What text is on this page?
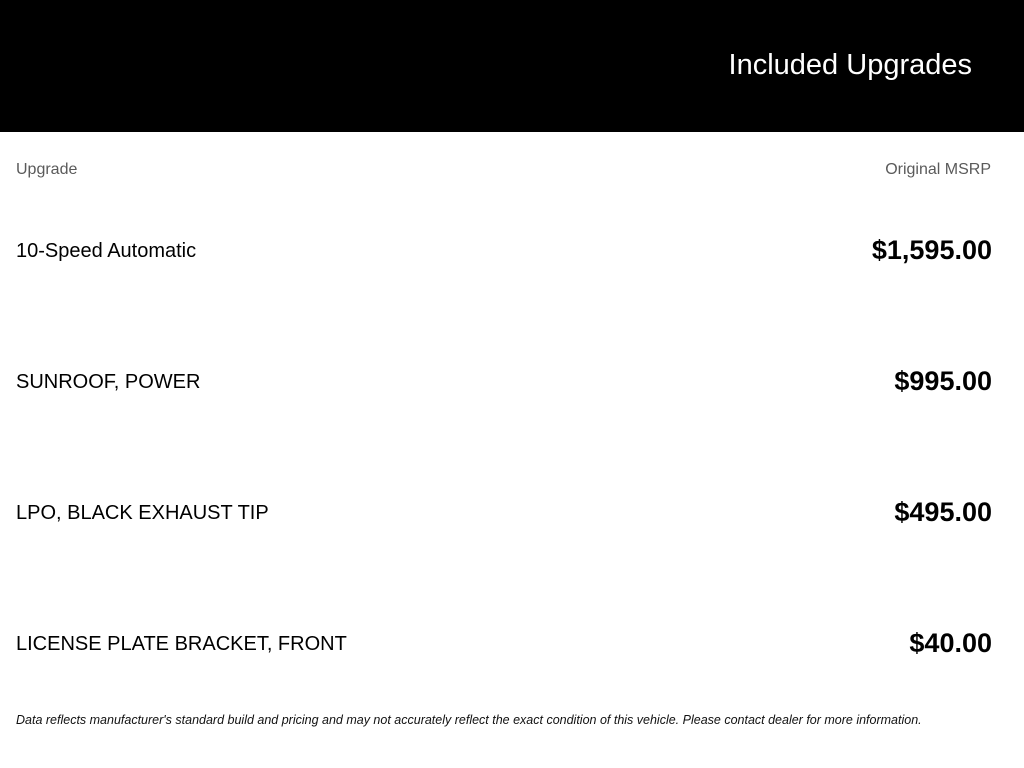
Included Upgrades
Upgrade	Original MSRP
10-Speed Automatic	$1,595.00
SUNROOF, POWER	$995.00
LPO, BLACK EXHAUST TIP	$495.00
LICENSE PLATE BRACKET, FRONT	$40.00
Data reflects manufacturer's standard build and pricing and may not accurately reflect the exact condition of this vehicle. Please contact dealer for more information.
